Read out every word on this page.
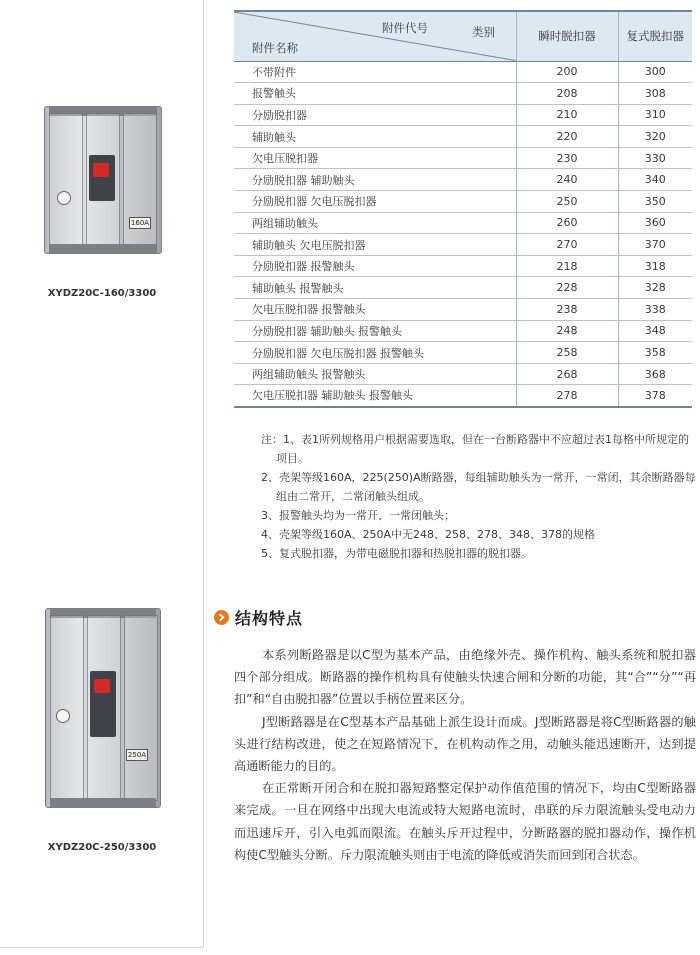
160A
XYDZ20C-160/3300
250A
XYDZ20C-250/3300
附件代号 类别
附件名称	瞬时脱扣器	复式脱扣器
不带附件	200	300
报警触头	208	308
分励脱扣器	210	310
辅助触头	220	320
欠电压脱扣器	230	330
分励脱扣器 辅助触头	240	340
分励脱扣器 欠电压脱扣器	250	350
两组辅助触头	260	360
辅助触头 欠电压脱扣器	270	370
分励脱扣器 报警触头	218	318
辅助触头 报警触头	228	328
欠电压脱扣器 报警触头	238	338
分励脱扣器 辅助触头 报警触头	248	348
分励脱扣器 欠电压脱扣器 报警触头	258	358
两组辅助触头 报警触头	268	368
欠电压脱扣器 辅助触头 报警触头	278	378
注：1、表1所列规格用户根据需要选取，但在一台断路器中不应超过表1每格中所规定的项目。
2、壳架等级160A，225(250)A断路器，每组辅助触头为一常开，一常闭，其余断路器每组由二常开，二常闭触头组成。
3、报警触头均为一常开、一常闭触头；
4、壳架等级160A、250A中无248、258、278、348、378的规格
5、复式脱扣器，为带电磁脱扣器和热脱扣器的脱扣器。
结构特点

本系列断路器是以C型为基本产品，由绝缘外壳、操作机构、触头系统和脱扣器四个部分组成。断路器的操作机构具有使触头快速合闸和分断的功能，其“合”“分”“再扣”和“自由脱扣器”位置以手柄位置来区分。

J型断路器是在C型基本产品基础上派生设计而成。J型断路器是将C型断路器的触头进行结构改进，使之在短路情况下，在机构动作之用，动触头能迅速断开，达到提高通断能力的目的。

在正常断开闭合和在脱扣器短路整定保护动作值范围的情况下，均由C型断路器来完成。一旦在网络中出现大电流或特大短路电流时，串联的斥力限流触头受电动力而迅速斥开，引入电弧而限流。在触头斥开过程中，分断路器的脱扣器动作，操作机构使C型触头分断。斥力限流触头则由于电流的降低或消失而回到闭合状态。
